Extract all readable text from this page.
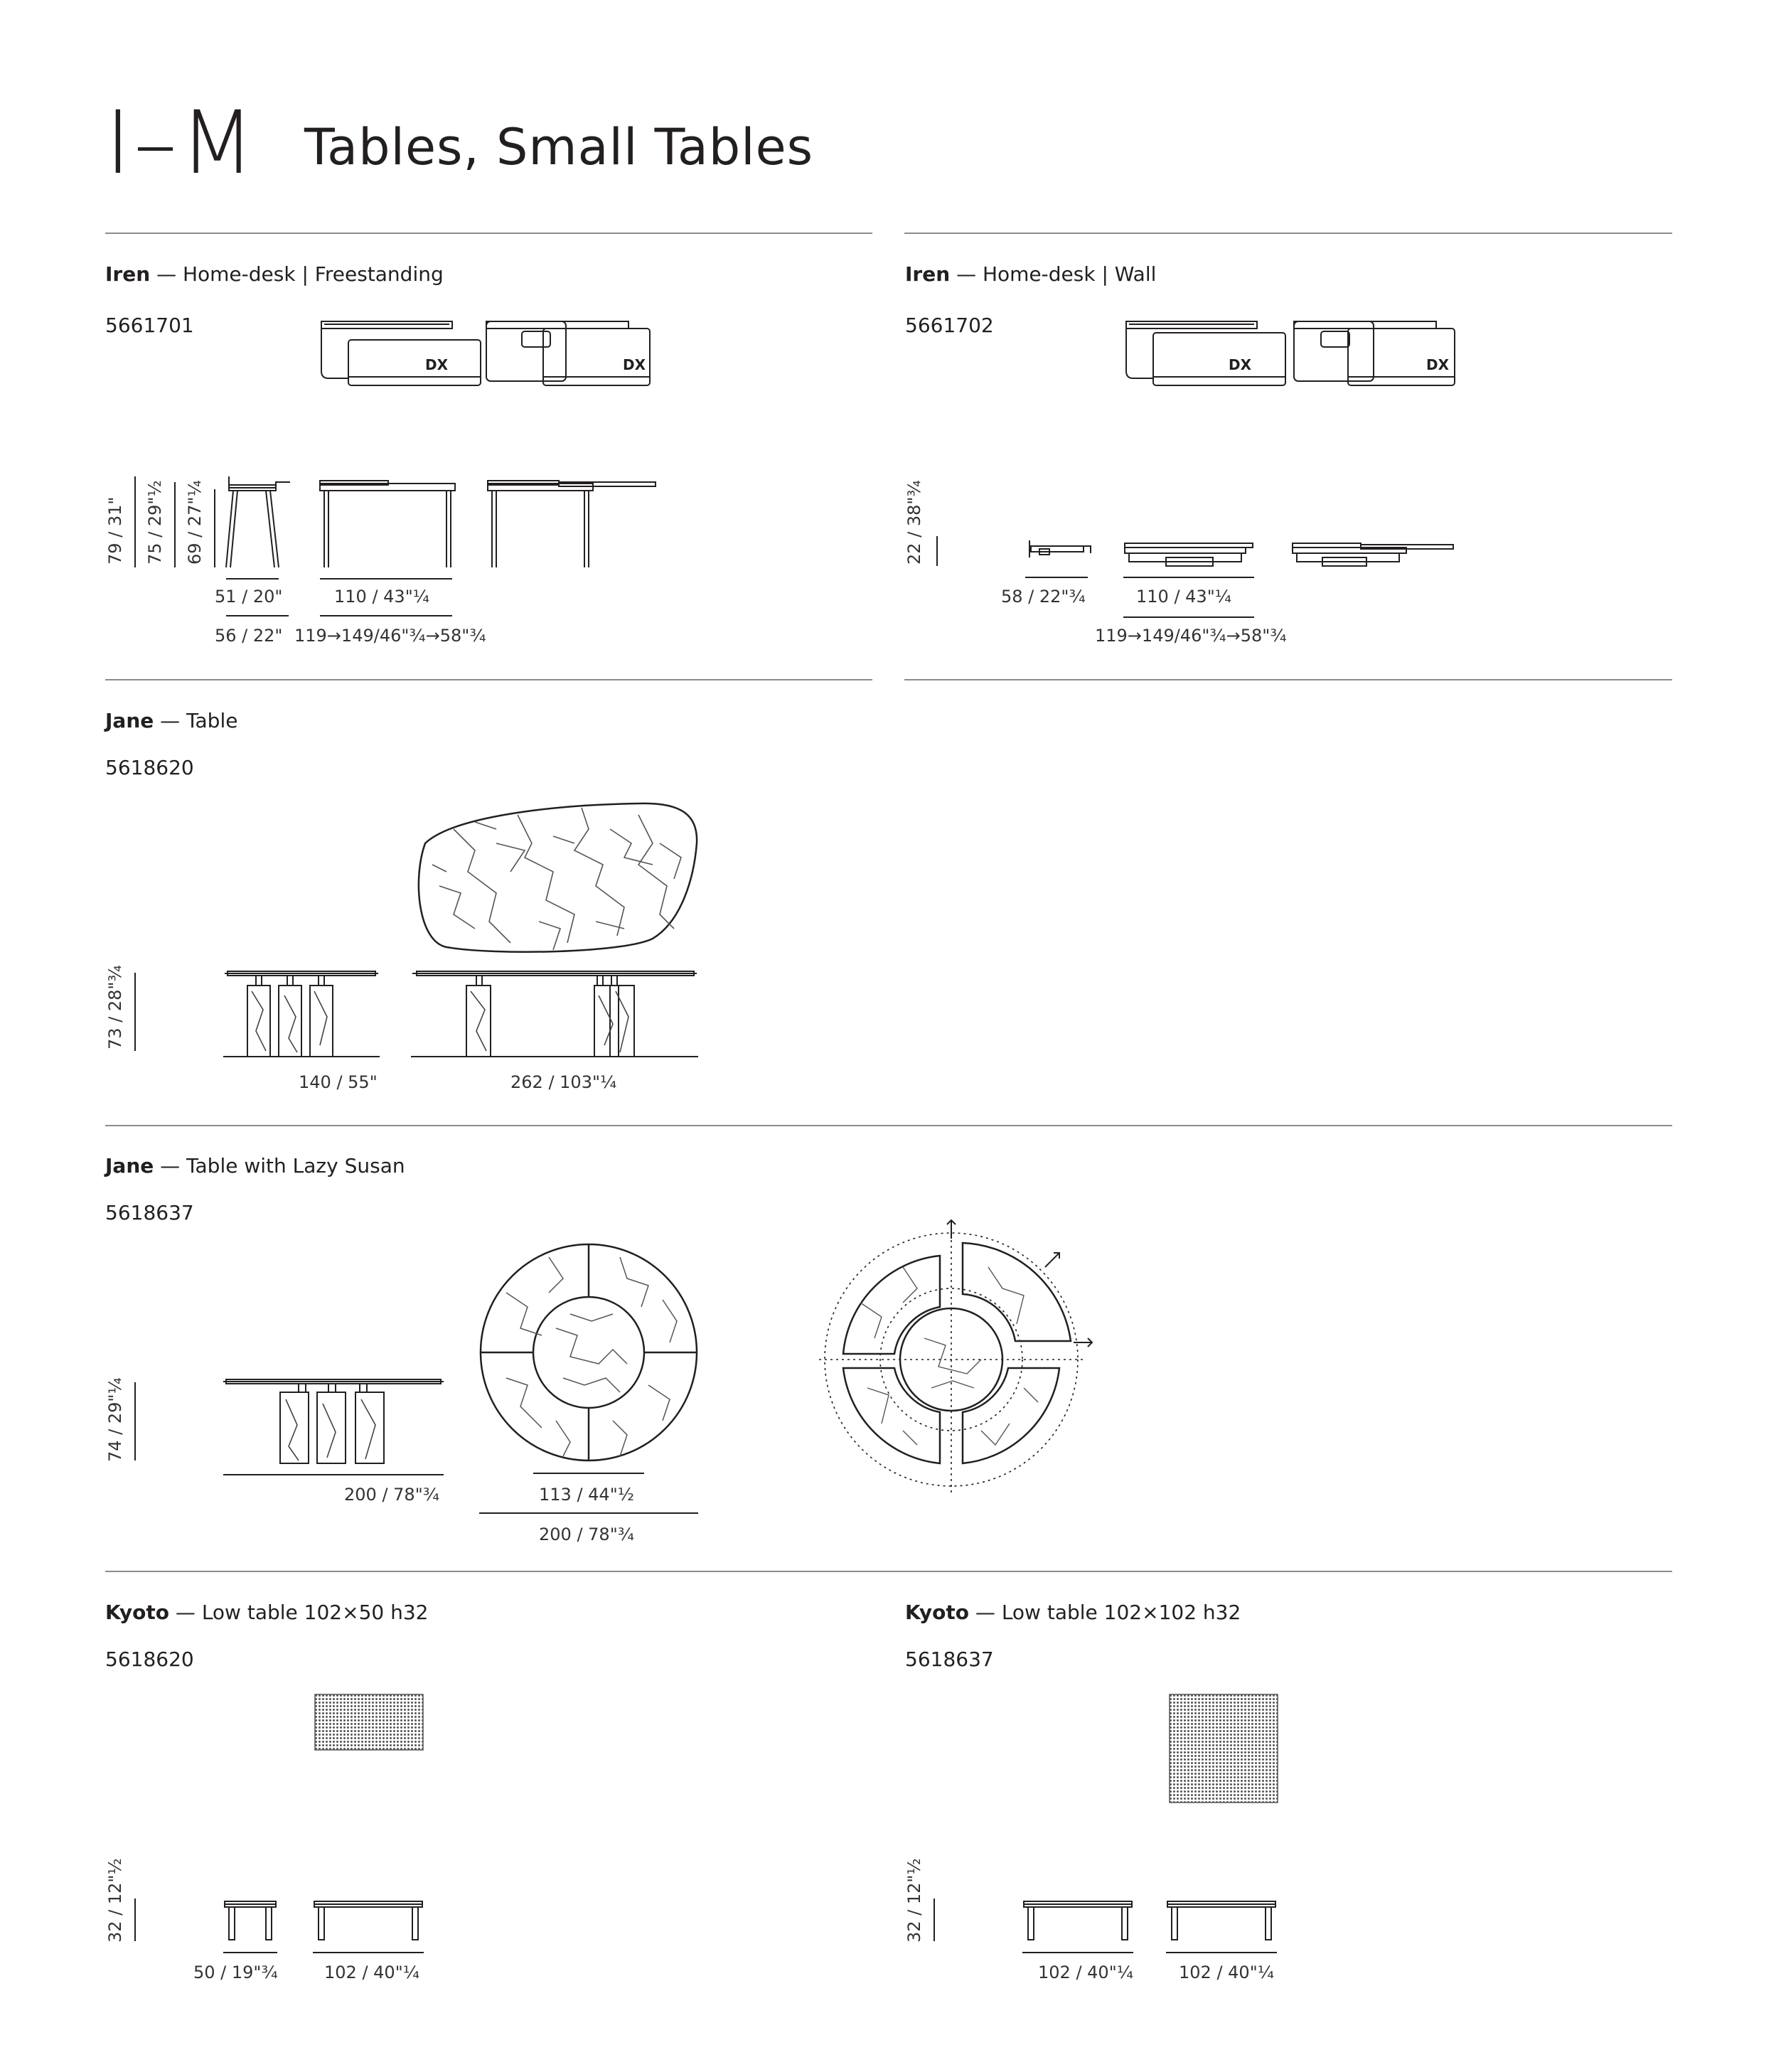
I–M Tables, Small Tables
Iren — Home-desk | Freestanding
5661701
DX	DX
79 / 31" 75 / 29"½ 69 / 27"¼
51 / 20"
56 / 22"
110 / 43"¼
119→149/46"¾→58"¾
Iren — Home-desk | Wall
5661702
DX	DX
22 / 38"¾
58 / 22"¾	110 / 43"¼
119→149/46"¾→58"¾
Jane — Table
5618620
73 / 28"¾
140 / 55"	262 / 103"¼
Jane — Table with Lazy Susan
5618637
74 / 29"¼
200 / 78"¾	113 / 44"½
200 / 78"¾
Kyoto — Low table 102×50 h32
5618620
32 / 12"½
50 / 19"¾	102 / 40"¼
Kyoto — Low table 102×102 h32
5618637
32 / 12"½
102 / 40"¼	102 / 40"¼
